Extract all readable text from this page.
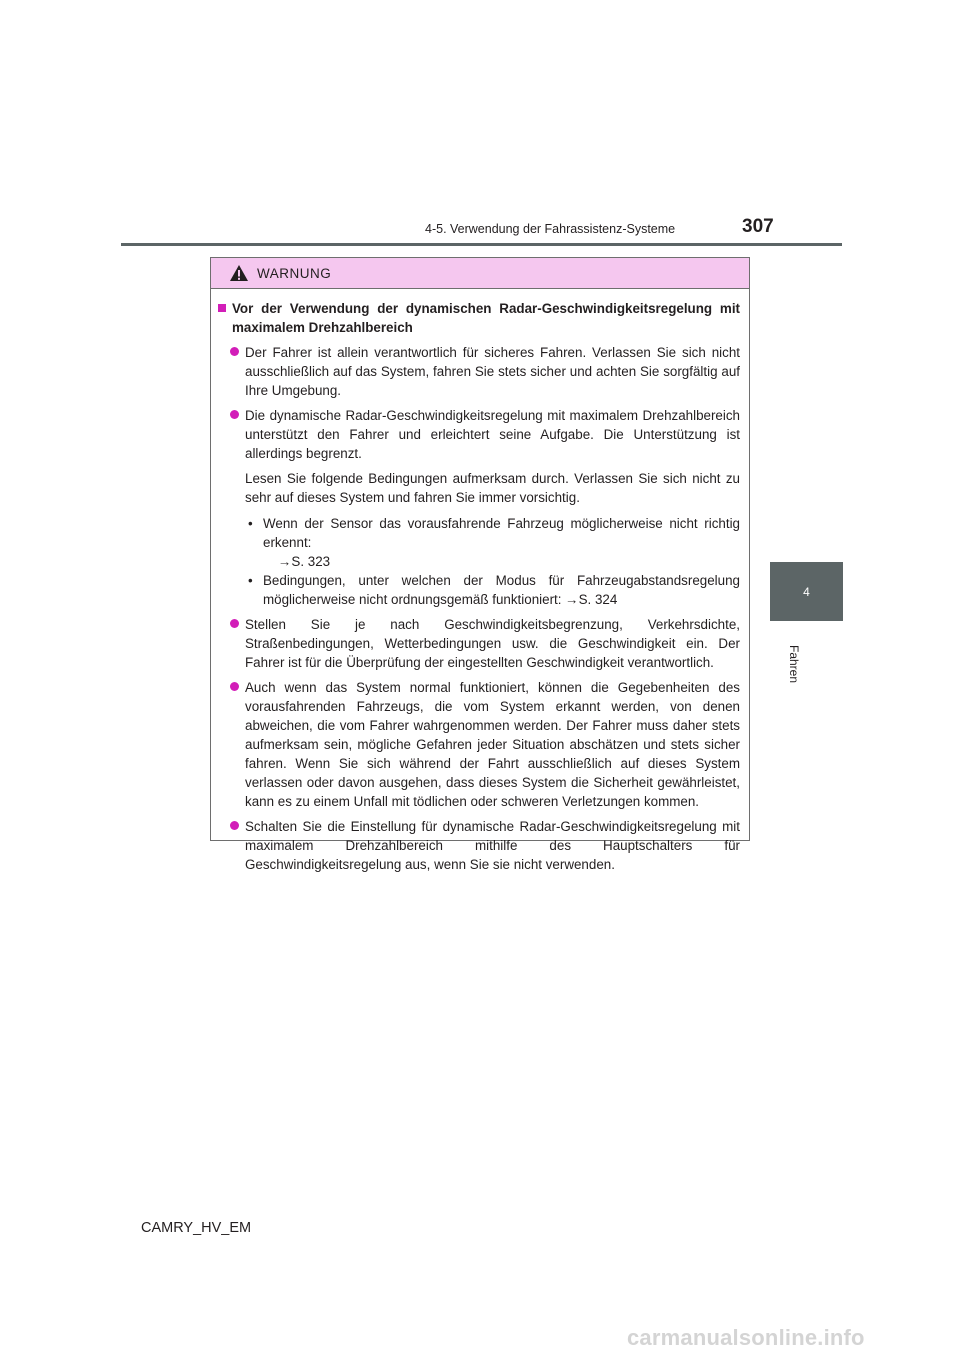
4-5. Verwendung der Fahrassistenz-Systeme	307
4
Fahren
WARNUNG
Vor der Verwendung der dynamischen Radar-Geschwindigkeitsregelung mit maximalem Drehzahlbereich
Der Fahrer ist allein verantwortlich für sicheres Fahren. Verlassen Sie sich nicht ausschließlich auf das System, fahren Sie stets sicher und achten Sie sorgfältig auf Ihre Umgebung.
Die dynamische Radar-Geschwindigkeitsregelung mit maximalem Drehzahlbereich unterstützt den Fahrer und erleichtert seine Aufgabe. Die Unterstützung ist allerdings begrenzt.
Lesen Sie folgende Bedingungen aufmerksam durch. Verlassen Sie sich nicht zu sehr auf dieses System und fahren Sie immer vorsichtig.
• Wenn der Sensor das vorausfahrende Fahrzeug möglicherweise nicht richtig erkennt:
→S. 323
• Bedingungen, unter welchen der Modus für Fahrzeugabstandsregelung möglicherweise nicht ordnungsgemäß funktioniert: →S. 324
Stellen Sie je nach Geschwindigkeitsbegrenzung, Verkehrsdichte, Straßenbedingungen, Wetterbedingungen usw. die Geschwindigkeit ein. Der Fahrer ist für die Überprüfung der eingestellten Geschwindigkeit verantwortlich.
Auch wenn das System normal funktioniert, können die Gegebenheiten des vorausfahrenden Fahrzeugs, die vom System erkannt werden, von denen abweichen, die vom Fahrer wahrgenommen werden. Der Fahrer muss daher stets aufmerksam sein, mögliche Gefahren jeder Situation abschätzen und stets sicher fahren. Wenn Sie sich während der Fahrt ausschließlich auf dieses System verlassen oder davon ausgehen, dass dieses System die Sicherheit gewährleistet, kann es zu einem Unfall mit tödlichen oder schweren Verletzungen kommen.
Schalten Sie die Einstellung für dynamische Radar-Geschwindigkeitsregelung mit maximalem Drehzahlbereich mithilfe des Hauptschalters für Geschwindigkeitsregelung aus, wenn Sie sie nicht verwenden.
CAMRY_HV_EM
carmanualsonline.info
